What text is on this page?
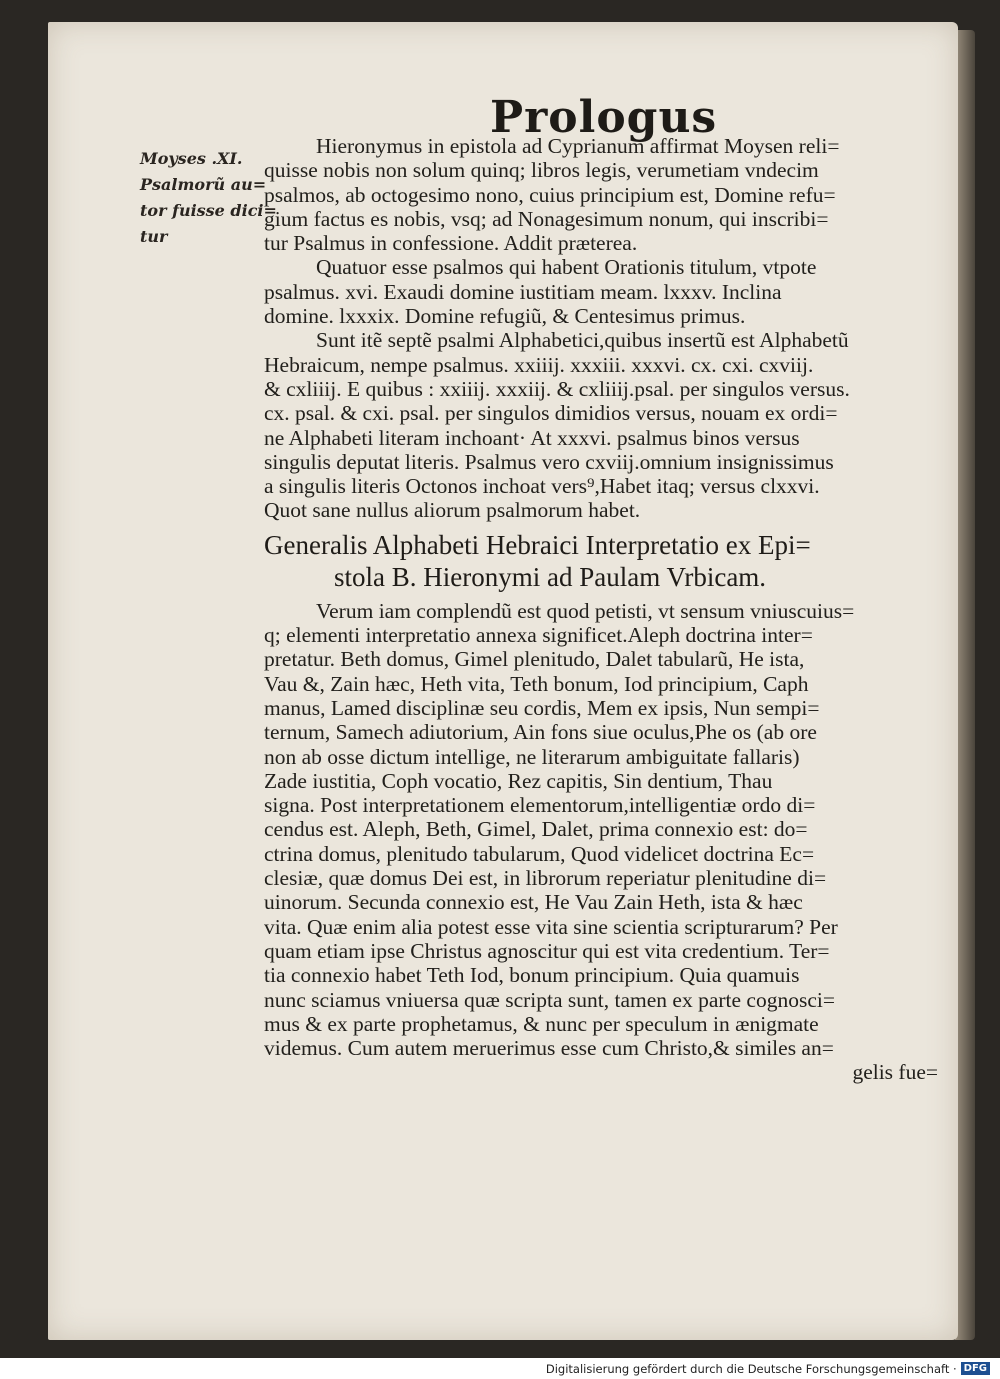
Prologus
Moyses .XI.
Psalmorũ au=
tor fuisse dici=
tur
Hieronymus in epistola ad Cyprianum affirmat Moysen reli=
quisse nobis non solum quinq; libros legis, verumetiam vndecim
psalmos, ab octogesimo nono, cuius principium est, Domine refu=
gium factus es nobis, vsq; ad Nonagesimum nonum, qui inscribi=
tur Psalmus in confessione. Addit præterea.
Quatuor esse psalmos qui habent Orationis titulum, vtpote
psalmus. xvi. Exaudi domine iustitiam meam. lxxxv. Inclina
domine. lxxxix. Domine refugiũ, & Centesimus primus.
Sunt itẽ septẽ psalmi Alphabetici,quibus insertũ est Alphabetũ
Hebraicum, nempe psalmus. xxiiij. xxxiii. xxxvi. cx. cxi. cxviij.
& cxliiij. E quibus : xxiiij. xxxiij. & cxliiij.psal. per singulos versus.
cx. psal. & cxi. psal. per singulos dimidios versus, nouam ex ordi=
ne Alphabeti literam inchoant· At xxxvi. psalmus binos versus
singulis deputat literis. Psalmus vero cxviij.omnium insignissimus
a singulis literis Octonos inchoat vers⁹,Habet itaq; versus clxxvi.
Quot sane nullus aliorum psalmorum habet.
Generalis Alphabeti Hebraici Interpretatio ex Epi=
stola B. Hieronymi ad Paulam Vrbicam.
Verum iam complendũ est quod petisti, vt sensum vniuscuius=
q; elementi interpretatio annexa significet.Aleph doctrina inter=
pretatur. Beth domus, Gimel plenitudo, Dalet tabularũ, He ista,
Vau &, Zain hæc, Heth vita, Teth bonum, Iod principium, Caph
manus, Lamed disciplinæ seu cordis, Mem ex ipsis, Nun sempi=
ternum, Samech adiutorium, Ain fons siue oculus,Phe os (ab ore
non ab osse dictum intellige, ne literarum ambiguitate fallaris)
Zade iustitia, Coph vocatio, Rez capitis, Sin dentium, Thau
signa. Post interpretationem elementorum,intelligentiæ ordo di=
cendus est. Aleph, Beth, Gimel, Dalet, prima connexio est: do=
ctrina domus, plenitudo tabularum, Quod videlicet doctrina Ec=
clesiæ, quæ domus Dei est, in librorum reperiatur plenitudine di=
uinorum. Secunda connexio est, He Vau Zain Heth, ista & hæc
vita. Quæ enim alia potest esse vita sine scientia scripturarum? Per
quam etiam ipse Christus agnoscitur qui est vita credentium. Ter=
tia connexio habet Teth Iod, bonum principium. Quia quamuis
nunc sciamus vniuersa quæ scripta sunt, tamen ex parte cognosci=
mus & ex parte prophetamus, & nunc per speculum in ænigmate
videmus. Cum autem meruerimus esse cum Christo,& similes an=
gelis fue=
Digitalisierung gefördert durch die Deutsche Forschungsgemeinschaft · DFG
